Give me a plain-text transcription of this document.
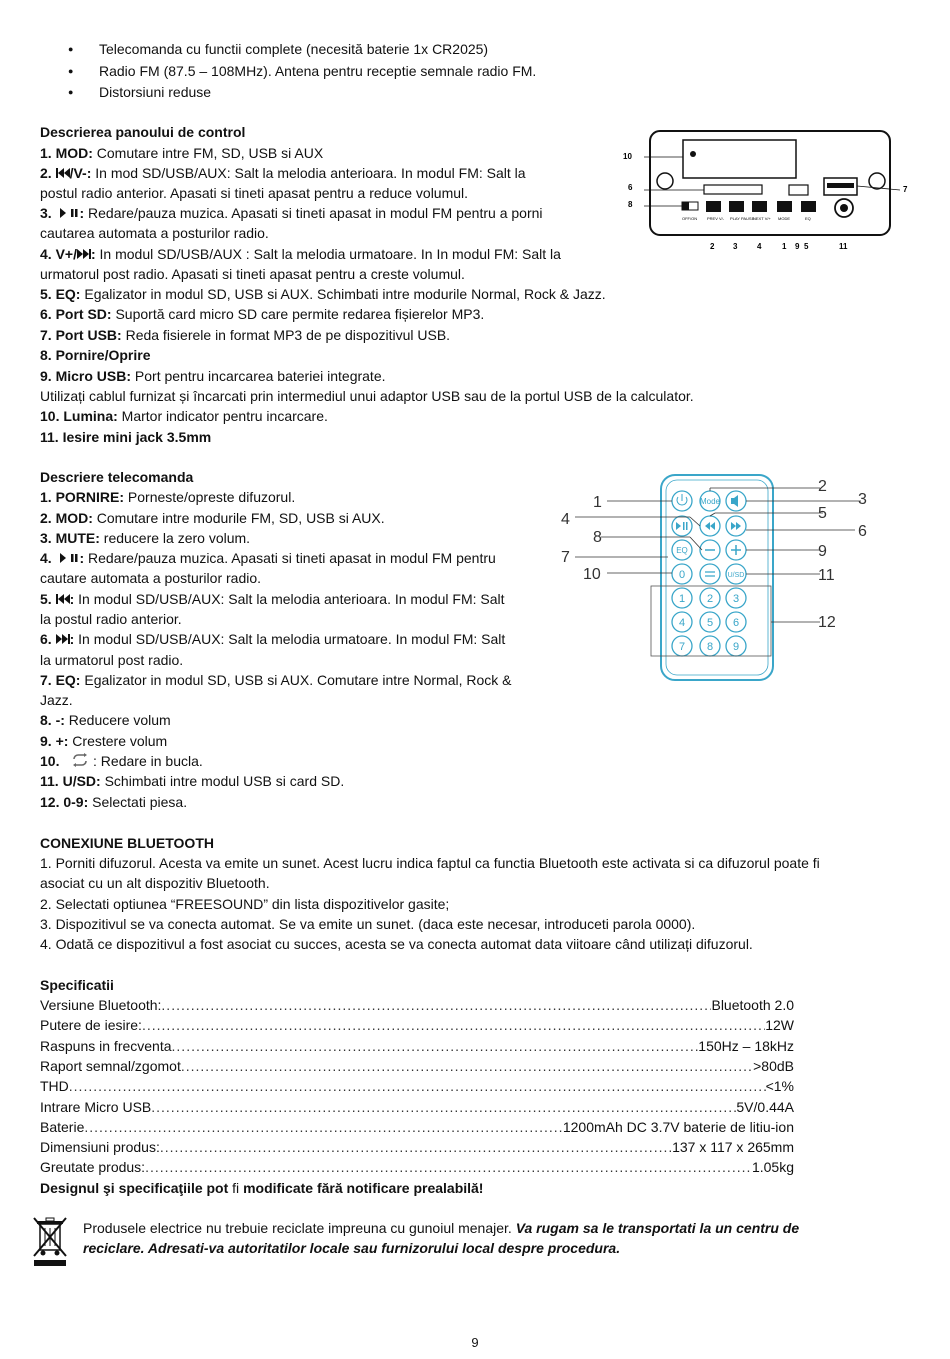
● Telecomanda cu functii complete (necesită baterie 1x CR2025)
● Radio FM (87.5 – 108MHz). Antena pentru receptie semnale radio FM.
● Distorsiuni reduse
Descrierea panoului de control
1. MOD: Comutare intre FM, SD, USB si AUX
2. /V-: In mod SD/USB/AUX: Salt la melodia anterioara. In modul FM: Salt la
postul radio anterior. Apasati si tineti apasat pentru a reduce volumul.
3. : Redare/pauza muzica. Apasati si tineti apasat in modul FM pentru a porni
cautarea automata a posturilor radio.
4. V+/ : In modul SD/USB/AUX : Salt la melodia urmatoare. In In modul FM: Salt la
urmatorul post radio. Apasati si tineti apasat pentru a creste volumul.
5. EQ: Egalizator in modul SD, USB si AUX. Schimbati intre modurile Normal, Rock & Jazz.
6. Port SD: Suportă card micro SD care permite redarea fișierelor MP3.
7. Port USB: Reda fisierele in format MP3 de pe dispozitivul USB.
8. Pornire/Oprire
9. Micro USB: Port pentru incarcarea bateriei integrate.
Utilizați cablul furnizat și încarcati prin intermediul unui adaptor USB sau de la portul USB de la calculator.
10. Lumina: Martor indicator pentru incarcare.
11. Iesire mini jack 3.5mm
10
6
8
7
OFF/ON PREV V/- PLAY PAUSE
NEXT V/+ MODE	EQ
2 3 4	1 9 5	11
Descriere telecomanda
1. PORNIRE: Porneste/opreste difuzorul.
2. MOD: Comutare intre modurile FM, SD, USB si AUX.
3. MUTE: reducere la zero volum.
4. : Redare/pauza muzica. Apasati si tineti apasat in modul FM pentru
cautare automata a posturilor radio.
5. : In modul SD/USB/AUX: Salt la melodia anterioara. In modul FM: Salt
la postul radio anterior.
6. : In modul SD/USB/AUX: Salt la melodia urmatoare. In modul FM: Salt
la urmatorul post radio.
7. EQ: Egalizator in modul SD, USB si AUX. Comutare intre Normal, Rock &
Jazz.
8. -: Reducere volum
9. +: Crestere volum
10.    : Redare in bucla.
11. U/SD: Schimbati intre modul USB si card SD.
12. 0-9: Selectati piesa.
Mode
EQ
U/SD
0
1 2 3
4 5 6
7 8 9
1
4
8
7
10
2
3
5
6
9
11
12
CONEXIUNE BLUETOOTH
1. Porniti difuzorul. Acesta va emite un sunet. Acest lucru indica faptul ca functia Bluetooth este activata si ca difuzorul poate fi
asociat cu un alt dispozitiv Bluetooth.
2. Selectati optiunea “FREESOUND” din lista dispozitivelor gasite;
3. Dispozitivul se va conecta automat. Se va emite un sunet. (daca este necesar, introduceti parola 0000).
4. Odată ce dispozitivul a fost asociat cu succes, acesta se va conecta automat data viitoare când utilizați difuzorul.
Specificatii
Versiune Bluetooth: .....	Bluetooth 2.0
Putere de iesire: .....	12W
Raspuns in frecventa .....	150Hz – 18kHz
Raport semnal/zgomot .....	>80dB
THD .....	<1%
Intrare Micro USB .....	5V/0.44A
Baterie .....	1200mAh DC 3.7V baterie de litiu-ion
Dimensiuni produs: .....	137 x 117 x 265mm
Greutate produs: .....	1.05kg
Designul şi specificaţiile pot fi modificate fără notificare prealabilă!
Produsele electrice nu trebuie reciclate impreuna cu gunoiul menajer. Va rugam sa le transportati la un centru de
reciclare. Adresati-va autoritatilor locale sau furnizorului local despre procedura.
9
